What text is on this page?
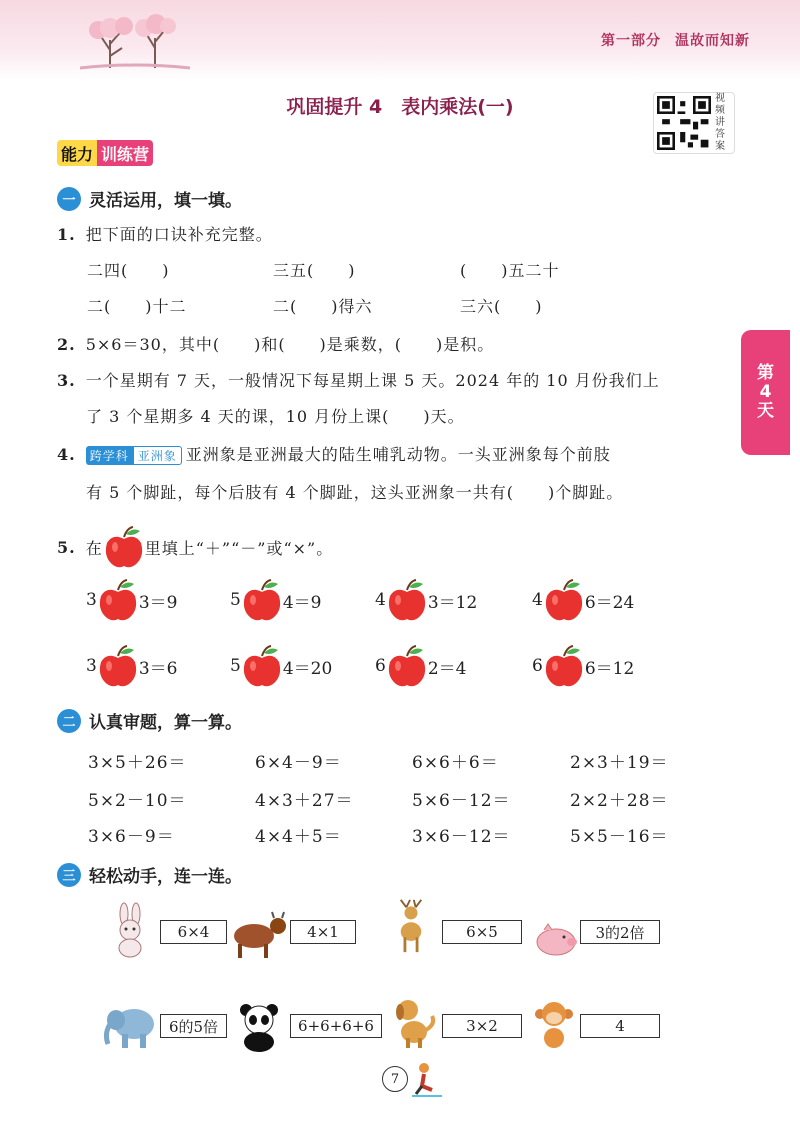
第一部分 温故而知新
巩固提升 4　表内乘法(一)	视频讲答案
能力 训练营
第
4
天
一 灵活运用，填一填。
1. 把下面的口诀补充完整。
二四(　　)	三五(　　)	(　　)五二十
二(　　)十二	二(　　)得六	三六(　　)
2. 5×6＝30，其中(　　)和(　　)是乘数，(　　)是积。
3. 一个星期有 7 天，一般情况下每星期上课 5 天。2024 年的 10 月份我们上
了 3 个星期多 4 天的课，10 月份上课(　　)天。
4. 跨学科 亚洲象 亚洲象是亚洲最大的陆生哺乳动物。一头亚洲象每个前肢
有 5 个脚趾，每个后肢有 4 个脚趾，这头亚洲象一共有(　　)个脚趾。
5. 在	里填上“＋”“－”或“×”。
3 3＝9	5 4＝9	4 3＝12	4 6＝24
3 3＝6	5 4＝20	6 2＝4	6 6＝12
二 认真审题，算一算。
3×5＋26＝	6×4－9＝	6×6＋6＝	2×3＋19＝
5×2－10＝	4×3＋27＝	5×6－12＝	2×2＋28＝
3×6－9＝	4×4＋5＝	3×6－12＝	5×5－16＝
三 轻松动手，连一连。
6×4	4×1	6×5	3的2倍
6的5倍	6+6+6+6	3×2	4
7
